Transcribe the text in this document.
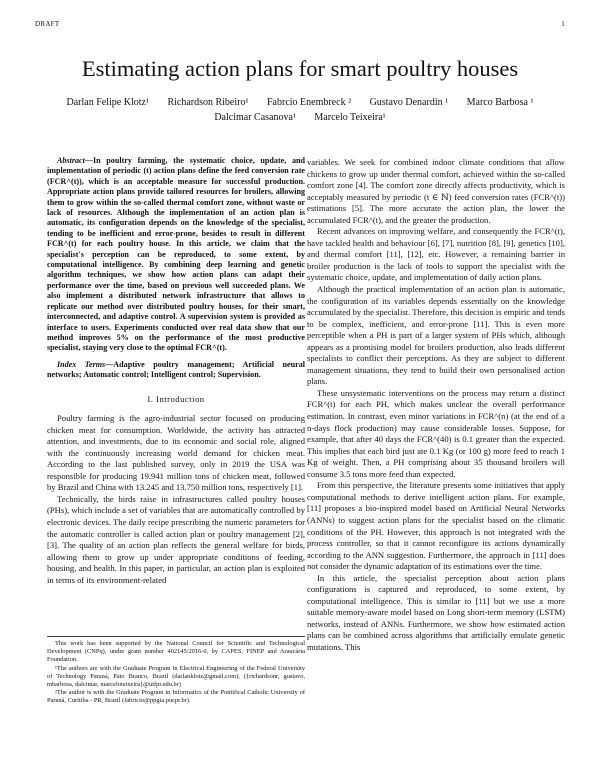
DRAFT	1
Estimating action plans for smart poultry houses
Darlan Felipe Klotz¹ Richardson Ribeiro¹ Fabrcio Enembreck ² Gustavo Denardin ¹ Marco Barbosa ¹
Dalcimar Casanova¹ Marcelo Teixeira¹

Abstract—In poultry farming, the systematic choice, update, and implementation of periodic (t) action plans define the feed conversion rate (FCR^(t)), which is an acceptable measure for successful production. Appropriate action plans provide tailored resources for broilers, allowing them to grow within the so-called thermal comfort zone, without waste or lack of resources. Although the implementation of an action plan is automatic, its configuration depends on the knowledge of the specialist, tending to be inefficient and error-prone, besides to result in different FCR^(t) for each poultry house. In this article, we claim that the specialist's perception can be reproduced, to some extent, by computational intelligence. By combining deep learning and genetic algorithm techniques, we show how action plans can adapt their performance over the time, based on previous well succeeded plans. We also implement a distributed network infrastructure that allows to replicate our method over distributed poultry houses, for their smart, interconnected, and adaptive control. A supervision system is provided as interface to users. Experiments conducted over real data show that our method improves 5% on the performance of the most productive specialist, staying very close to the optimal FCR^(t).

Index Terms—Adaptive poultry management; Artificial neural networks; Automatic control; Intelligent control; Supervision.

I. Introduction

Poultry farming is the agro-industrial sector focused on producing chicken meat for consumption. Worldwide, the activity has attracted attention, and investments, due to its economic and social role, aligned with the continuously increasing world demand for chicken meat. According to the last published survey, only in 2019 the USA was responsible for producing 19.941 million tons of chicken meat, followed by Brazil and China with 13.245 and 13.750 million tons, respectively [1].

Technically, the birds raise in infrastructures called poultry houses (PHs), which include a set of variables that are automatically controlled by electronic devices. The daily recipe prescribing the numeric parameters for the automatic controller is called action plan or poultry management [2], [3]. The quality of an action plan reflects the general welfare for birds, allowing them to grow up under appropriate conditions of feeding, housing, and health. In this paper, in particular, an action plan is exploited in terms of its environment-related

This work has been supported by the National Council for Scientific and Technological Development (CNPq), under grant number 402145/2016-0, by CAPES, FINEP and Araucária Foundation.

¹The authors are with the Graduate Program in Electrical Engineering of the Federal University of Technology Paraná, Pato Branco, Brazil (darlanklotz@gmail.com), ({richardsonr, gustavo, mbarbosa, dalcimar, marceloteixeira}@utfpr.edu.br)

²The author is with the Graduate Program in Informatics of the Pontifical Catholic University of Paraná, Curitiba - PR, Brazil (fabricio@ppgia.pucpr.br).

variables. We seek for combined indoor climate conditions that allow chickens to grow up under thermal comfort, achieved within the so-called comfort zone [4]. The comfort zone directly affects productivity, which is acceptably measured by periodic (t ∈ ℕ) feed conversion rates (FCR^(t)) estimations [5]. The more accurate the action plan, the lower the accumulated FCR^(t), and the greater the production.

Recent advances on improving welfare, and consequently the FCR^(t), have tackled health and behaviour [6], [7], nutrition [8], [9], genetics [10], and thermal comfort [11], [12], etc. However, a remaining barrier in broiler production is the lack of tools to support the specialist with the systematic choice, update, and implementation of daily action plans.

Although the practical implementation of an action plan is automatic, the configuration of its variables depends essentially on the knowledge accumulated by the specialist. Therefore, this decision is empiric and tends to be complex, inefficient, and error-prone [11]. This is even more perceptible when a PH is part of a larger system of PHs which, although appears as a promising model for broilers production, also leads different specialists to conflict their perceptions. As they are subject to different management situations, they tend to build their own personalised action plans.

These unsystematic interventions on the process may return a distinct FCR^(t) for each PH, which makes unclear the overall performance estimation. In contrast, even minor variations in FCR^(n) (at the end of a n-days flock production) may cause considerable losses. Suppose, for example, that after 40 days the FCR^(40) is 0.1 greater than the expected. This implies that each bird just ate 0.1 Kg (or 100 g) more feed to reach 1 Kg of weight. Then, a PH comprising about 35 thousand broilers will consume 3.5 tons more feed than expected.

From this perspective, the literature presents some initiatives that apply computational methods to derive intelligent action plans. For example, [11] proposes a bio-inspired model based on Artificial Neural Networks (ANNs) to suggest action plans for the specialist based on the climatic conditions of the PH. However, this approach is not integrated with the process controller, so that it cannot reconfigure its actions dynamically according to the ANN suggestion. Furthermore, the approach in [11] does not consider the dynamic adaptation of its estimations over the time.

In this article, the specialist perception about action plans configurations is captured and reproduced, to some extent, by computational intelligence. This is similar to [11] but we use a more suitable memory-aware model based on Long short-term memory (LSTM) networks, instead of ANNs. Furthermore, we show how estimated action plans can be combined across algorithms that artificially emulate genetic mutations. This
